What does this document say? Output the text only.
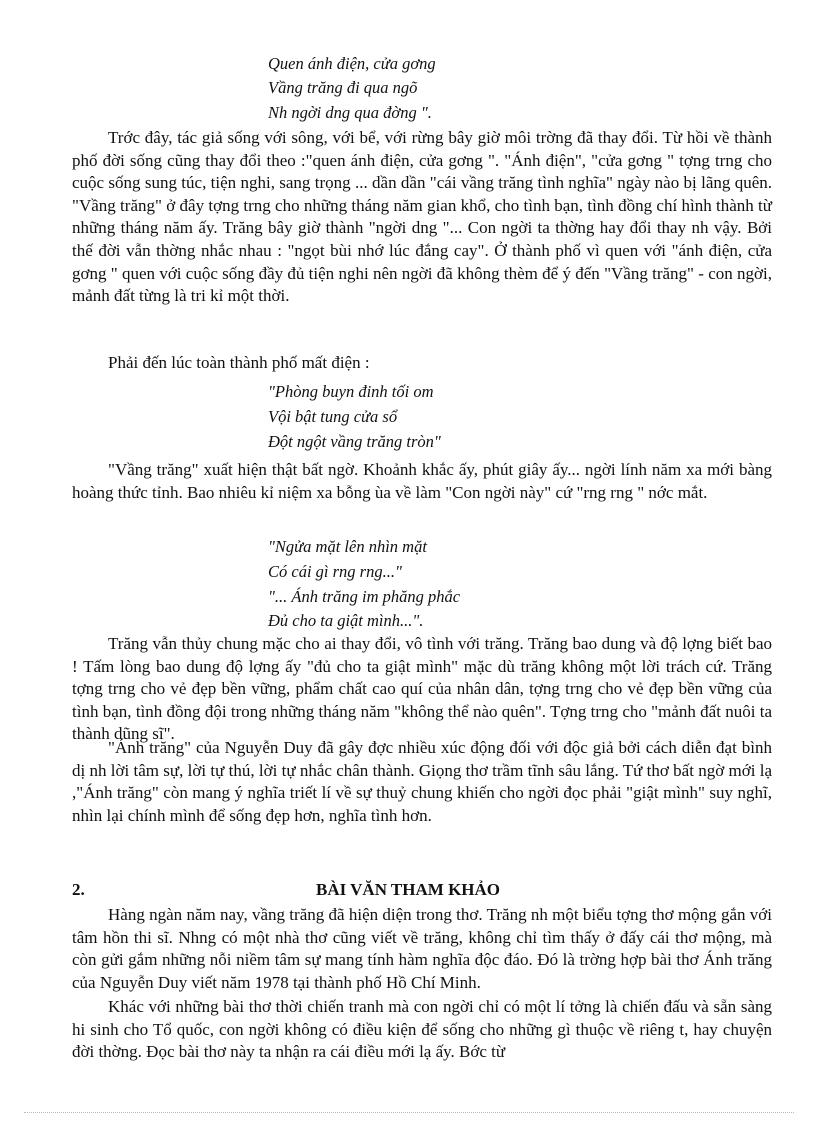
Quen ánh điện, cửa gơng
Vầng trăng đi qua ngõ
Nh ngời dng qua đờng ".

Trớc đây, tác giả sống với sông, với bể, với rừng bây giờ môi trờng đã thay đổi. Từ hồi về thành phố đời sống cũng thay đổi theo :"quen ánh điện, cửa gơng ". "Ánh điện", "cửa gơng " tợng trng cho cuộc sống sung túc, tiện nghi, sang trọng ... dần dần "cái vầng trăng tình nghĩa" ngày nào bị lãng quên. "Vầng trăng" ở đây tợng trng cho những tháng năm gian khổ, cho tình bạn, tình đồng chí hình thành từ những tháng năm ấy. Trăng bây giờ thành "ngời dng "... Con ngời ta thờng hay đổi thay nh vậy. Bởi thế đời vẫn thờng nhắc nhau : "ngọt bùi nhớ lúc đắng cay". Ở thành phố vì quen với "ánh điện, cửa gơng " quen với cuộc sống đầy đủ tiện nghi nên ngời đã không thèm để ý đến "Vầng trăng" - con ngời, mảnh đất từng là tri kỉ một thời.

Phải đến lúc toàn thành phố mất điện :
"Phòng buyn đinh tối om
Vội bật tung cửa sổ
Đột ngột vầng trăng tròn"

"Vầng trăng" xuất hiện thật bất ngờ. Khoảnh khắc ấy, phút giây ấy... ngời lính năm xa mới bàng hoàng thức tỉnh. Bao nhiêu kỉ niệm xa bỗng ùa về làm "Con ngời này" cứ "rng rng " nớc mắt.

"Ngửa mặt lên nhìn mặt
Có cái gì rng rng..."
"... Ánh trăng im phăng phắc
Đủ cho ta giật mình...".

Trăng vẫn thủy chung mặc cho ai thay đổi, vô tình với trăng. Trăng bao dung và độ lợng biết bao ! Tấm lòng bao dung độ lợng ấy "đủ cho ta giật mình" mặc dù trăng không một lời trách cứ. Trăng tợng trng cho vẻ đẹp bền vững, phẩm chất cao quí của nhân dân, tợng trng cho vẻ đẹp bền vững của tình bạn, tình đồng đội trong những tháng năm "không thể nào quên". Tợng trng cho "mảnh đất nuôi ta thành dũng sĩ".

"Ánh trăng" của Nguyễn Duy đã gây đợc nhiều xúc động đối với độc giả bởi cách diễn đạt bình dị nh lời tâm sự, lời tự thú, lời tự nhắc chân thành. Giọng thơ trầm tĩnh sâu lắng. Tứ thơ bất ngờ mới lạ ,"Ánh trăng" còn mang ý nghĩa triết lí về sự thuỷ chung khiến cho ngời đọc phải "giật mình" suy nghĩ, nhìn lại chính mình để sống đẹp hơn, nghĩa tình hơn.

2.	BÀI VĂN THAM KHẢO

Hàng ngàn năm nay, vầng trăng đã hiện diện trong thơ. Trăng nh một biểu tợng thơ mộng gắn với tâm hồn thi sĩ. Nhng có một nhà thơ cũng viết về trăng, không chỉ tìm thấy ở đấy cái thơ mộng, mà còn gửi gắm những nỗi niềm tâm sự mang tính hàm nghĩa độc đáo. Đó là trờng hợp bài thơ Ánh trăng của Nguyễn Duy viết năm 1978 tại thành phố Hồ Chí Minh.

Khác với những bài thơ thời chiến tranh mà con ngời chỉ có một lí tởng là chiến đấu và sẵn sàng hi sinh cho Tổ quốc, con ngời không có điều kiện để sống cho những gì thuộc về riêng t, hay chuyện đời thờng. Đọc bài thơ này ta nhận ra cái điều mới lạ ấy. Bớc từ
